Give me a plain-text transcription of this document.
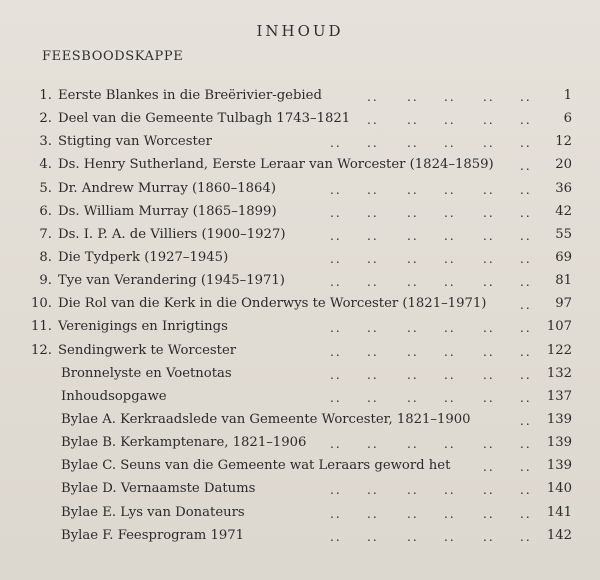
INHOUD
FEESBOODSKAPPE
1. Eerste Blankes in die Breërivier-gebied	1
.. .. .. .. ..
2. Deel van die Gemeente Tulbagh 1743–1821	6
.. .. .. .. ..
3. Stigting van Worcester	12
.. .. .. .. .. ..
4. Ds. Henry Sutherland, Eerste Leraar van Worcester (1824–1859)	20
..
5. Dr. Andrew Murray (1860–1864)	36
.. .. .. .. .. ..
6. Ds. William Murray (1865–1899)	42
.. .. .. .. .. ..
7. Ds. I. P. A. de Villiers (1900–1927)	55
.. .. .. .. .. ..
8. Die Tydperk (1927–1945)	69
.. .. .. .. .. ..
9. Tye van Verandering (1945–1971)	81
.. .. .. .. .. ..
10. Die Rol van die Kerk in die Onderwys te Worcester (1821–1971)	97
..
11. Verenigings en Inrigtings	107
.. .. .. .. .. ..
12. Sendingwerk te Worcester	122
.. .. .. .. .. ..
Bronnelyste en Voetnotas	132
.. .. .. .. .. ..
Inhoudsopgawe	137
.. .. .. .. .. ..
Bylae A. Kerkraadslede van Gemeente Worcester, 1821–1900	139
..
Bylae B. Kerkamptenare, 1821–1906	139
.. .. .. .. .. ..
Bylae C. Seuns van die Gemeente wat Leraars geword het	139
.. ..
Bylae D. Vernaamste Datums	140
.. .. .. .. .. ..
Bylae E. Lys van Donateurs	141
.. .. .. .. .. ..
Bylae F. Feesprogram 1971	142
.. .. .. .. .. ..
